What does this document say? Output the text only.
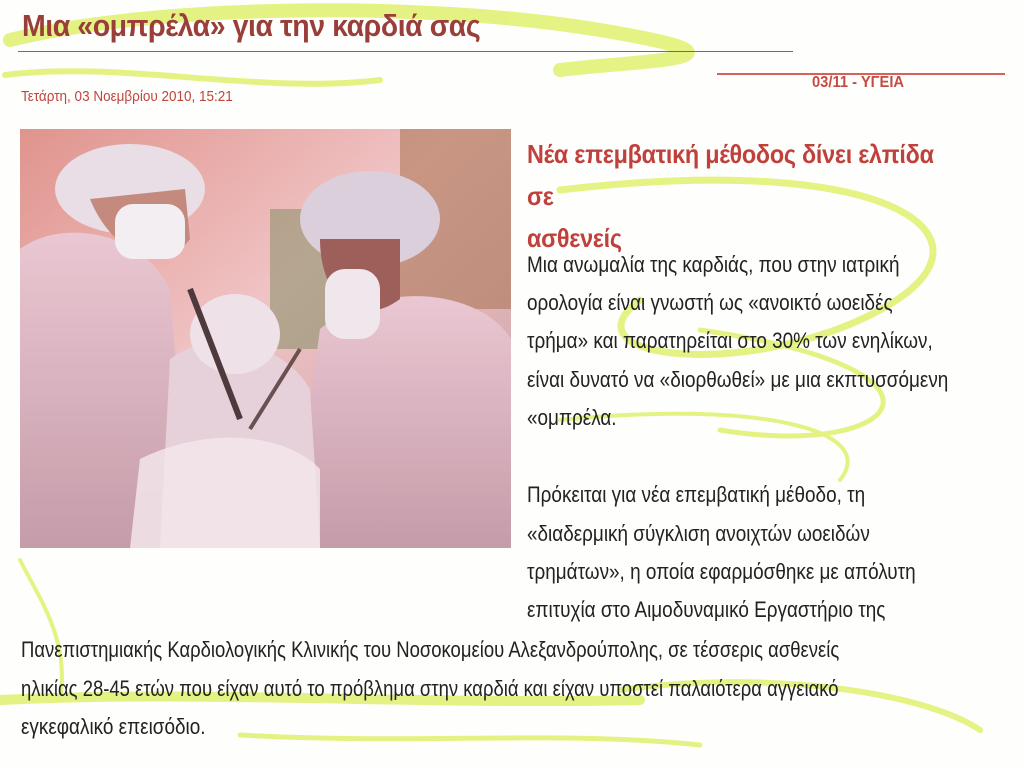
Μια «ομπρέλα» για την καρδιά σας
Τετάρτη, 03 Νοεμβρίου 2010, 15:21
03/11 - ΥΓΕΙΑ
Νέα επεμβατική μέθοδος δίνει ελπίδα σε
ασθενείς
Μια ανωμαλία της καρδιάς, που στην ιατρική
ορολογία είναι γνωστή ως «ανοικτό ωοειδές
τρήμα» και παρατηρείται στο 30% των ενηλίκων,
είναι δυνατό να «διορθωθεί» με μια εκπτυσσόμενη
«ομπρέλα.
Πρόκειται για νέα επεμβατική μέθοδο, τη
«διαδερμική σύγκλιση ανοιχτών ωοειδών
τρημάτων», η οποία εφαρμόσθηκε με απόλυτη
επιτυχία στο Αιμοδυναμικό Εργαστήριο της
Πανεπιστημιακής Καρδιολογικής Κλινικής του Νοσοκομείου Αλεξανδρούπολης, σε τέσσερις ασθενείς
ηλικίας 28-45 ετών που είχαν αυτό το πρόβλημα στην καρδιά και είχαν υποστεί παλαιότερα αγγειακό
εγκεφαλικό επεισόδιο.
